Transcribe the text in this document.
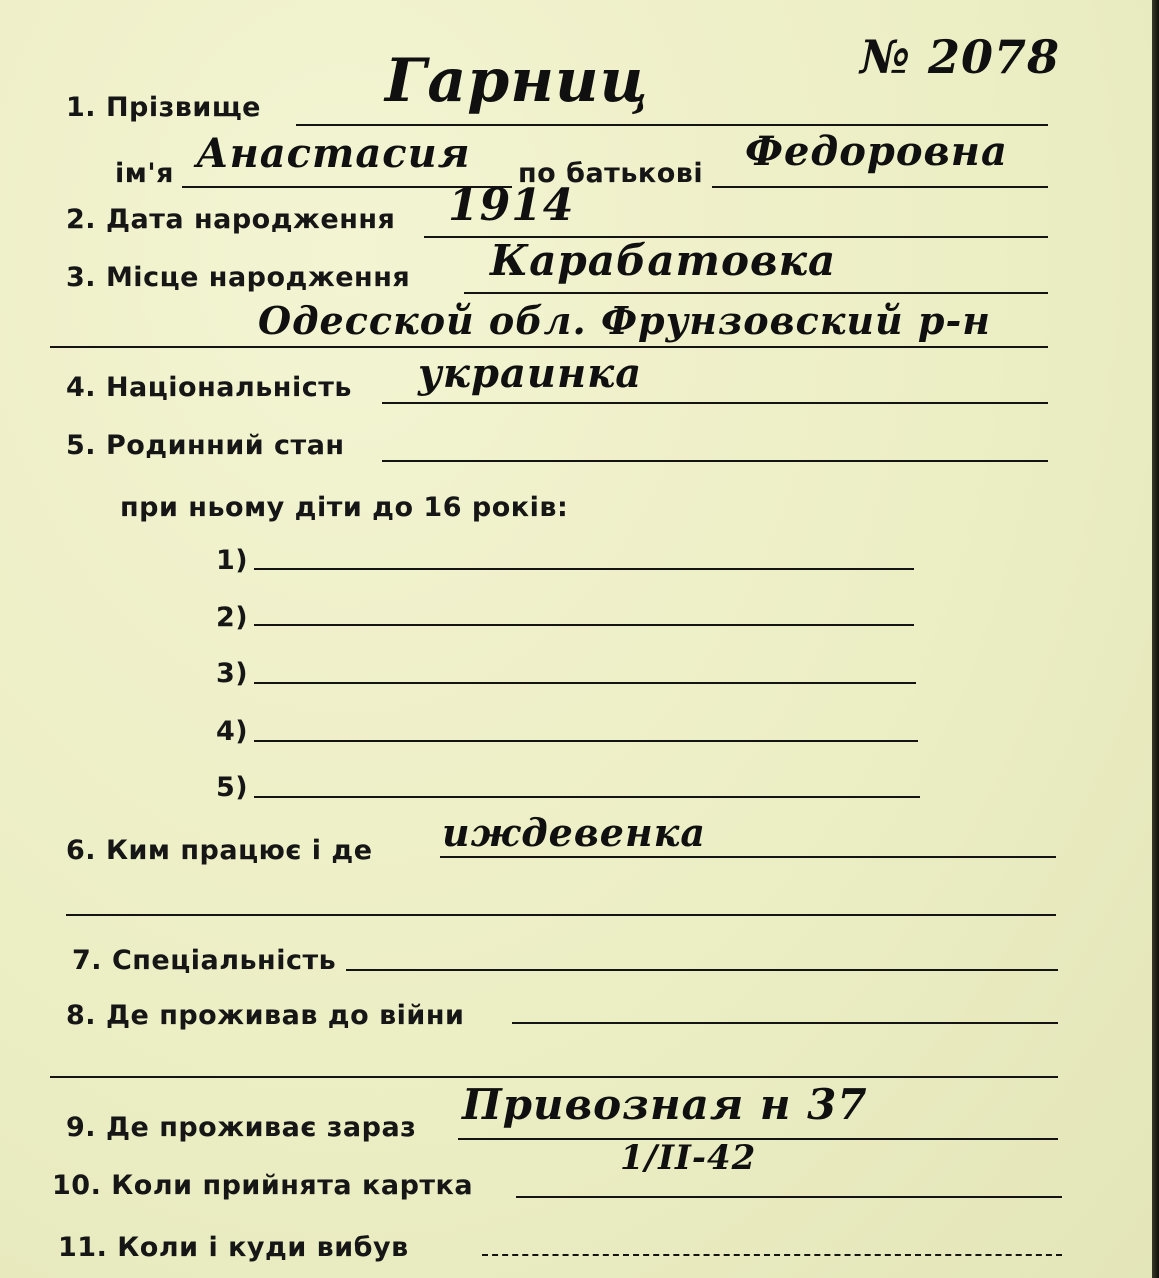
№ 2078
1. Прізвище Гарниц
ім'я Анастасия по батькові Федоровна
2. Дата народження 1914
3. Місце народження Карабатовка
Одесской обл. Фрунзовский р-н
4. Національність украинка
5. Родинний стан
при ньому діти до 16 років:
1)
2)
3)
4)
5)
6. Ким працює і де иждевенка
7. Спеціальність
8. Де проживав до війни
9. Де проживає зараз Привозная н 37
10. Коли прийнята картка
1/ІІ-42
11. Коли і куди вибув
